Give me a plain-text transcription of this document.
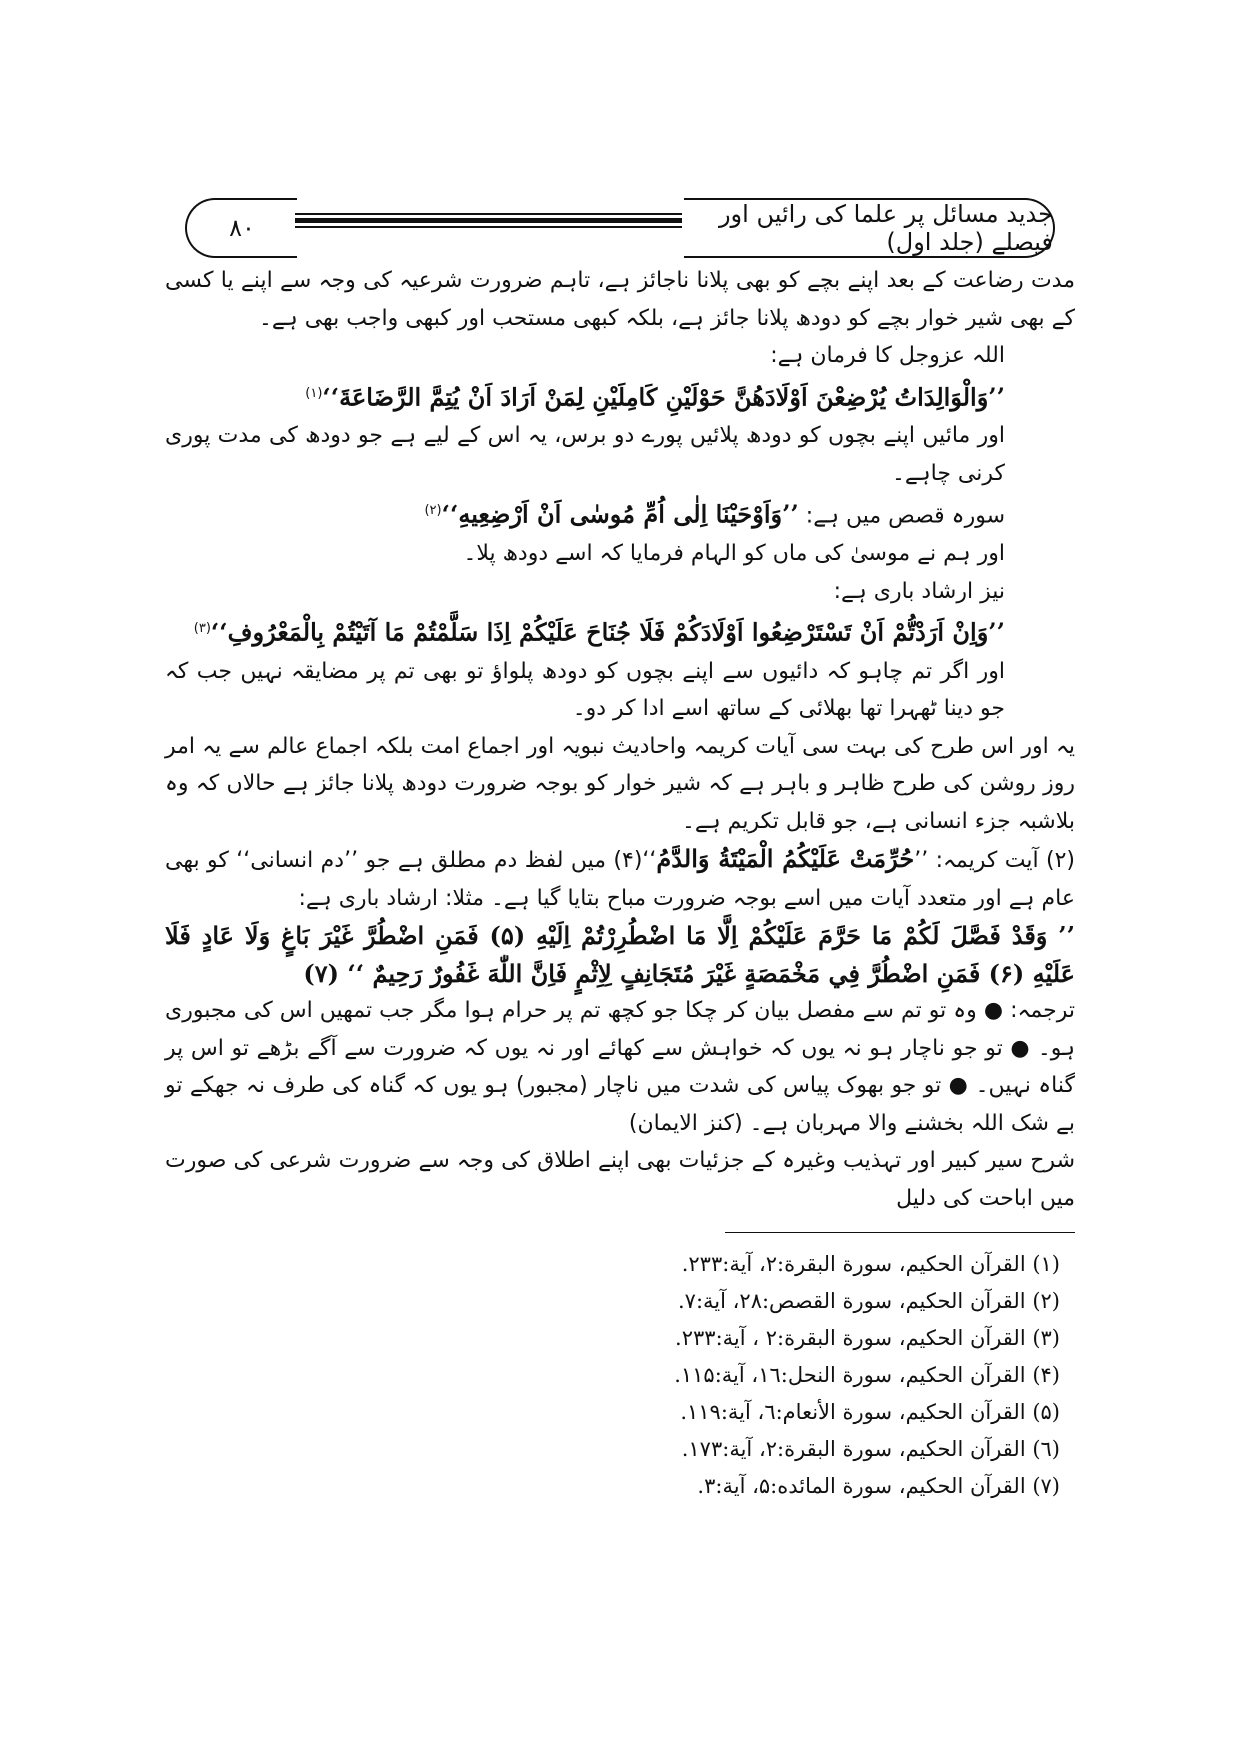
۸۰	جدید مسائل پر علما کی رائیں اور فیصلے (جلد اول)

مدت رضاعت کے بعد اپنے بچے کو بھی پلانا ناجائز ہے، تاہم ضرورت شرعیہ کی وجہ سے اپنے یا کسی کے بھی شیر خوار بچے کو دودھ پلانا جائز ہے، بلکہ کبھی مستحب اور کبھی واجب بھی ہے۔

اللہ عزوجل کا فرمان ہے:

’’وَالْوَالِدَاتُ يُرْضِعْنَ اَوْلَادَهُنَّ حَوْلَيْنِ كَامِلَيْنِ لِمَنْ اَرَادَ اَنْ يُتِمَّ الرَّضَاعَةَ‘‘$^{(۱)}$

اور مائیں اپنے بچوں کو دودھ پلائیں پورے دو برس، یہ اس کے لیے ہے جو دودھ کی مدت پوری کرنی چاہے۔

سورہ قصص میں ہے: ’’وَاَوْحَيْنَا اِلٰى اُمِّ مُوسٰى اَنْ اَرْضِعِيهِ‘‘$^{(۲)}$

اور ہم نے موسیٰ کی ماں کو الہام فرمایا کہ اسے دودھ پلا۔

نیز ارشاد باری ہے:

’’وَاِنْ اَرَدْتُّمْ اَنْ تَسْتَرْضِعُوا اَوْلَادَكُمْ فَلَا جُنَاحَ عَلَيْكُمْ اِذَا سَلَّمْتُمْ مَا آتَيْتُمْ بِالْمَعْرُوفِ‘‘$^{(۳)}$

اور اگر تم چاہو کہ دائیوں سے اپنے بچوں کو دودھ پلواؤ تو بھی تم پر مضایقہ نہیں جب کہ جو دینا ٹھہرا تھا بھلائی کے ساتھ اسے ادا کر دو۔

یہ اور اس طرح کی بہت سی آیات کریمہ واحادیث نبویہ اور اجماع امت بلکہ اجماع عالم سے یہ امر روز روشن کی طرح ظاہر و باہر ہے کہ شیر خوار کو بوجہ ضرورت دودھ پلانا جائز ہے حالاں کہ وہ بلاشبہ جزء انسانی ہے، جو قابل تکریم ہے۔

(۲) آیت کریمہ: ’’حُرِّمَتْ عَلَيْكُمُ الْمَيْتَةُ وَالدَّمُ‘‘(۴) میں لفظ دم مطلق ہے جو ’’دم انسانی‘‘ کو بھی عام ہے اور متعدد آیات میں اسے بوجہ ضرورت مباح بتایا گیا ہے۔ مثلا: ارشاد باری ہے:

’’ وَقَدْ فَصَّلَ لَكُمْ مَا حَرَّمَ عَلَيْكُمْ اِلَّا مَا اضْطُرِرْتُمْ اِلَيْهِ (۵) فَمَنِ اضْطُرَّ غَيْرَ بَاغٍ وَلَا عَادٍ فَلَا عَلَيْهِ (۶) فَمَنِ اضْطُرَّ فِي مَخْمَصَةٍ غَيْرَ مُتَجَانِفٍ لِاِثْمٍ فَاِنَّ اللّٰهَ غَفُورٌ رَحِيمٌ ‘‘ (۷)

ترجمہ: ● وہ تو تم سے مفصل بیان کر چکا جو کچھ تم پر حرام ہوا مگر جب تمھیں اس کی مجبوری ہو۔ ● تو جو ناچار ہو نہ یوں کہ خواہش سے کھائے اور نہ یوں کہ ضرورت سے آگے بڑھے تو اس پر گناہ نہیں۔ ● تو جو بھوک پیاس کی شدت میں ناچار (مجبور) ہو یوں کہ گناہ کی طرف نہ جھکے تو بے شک اللہ بخشنے والا مہربان ہے۔ (کنز الایمان)

شرح سیر کبیر اور تہذیب وغیرہ کے جزئیات بھی اپنے اطلاق کی وجہ سے ضرورت شرعی کی صورت میں اباحت کی دلیل

(۱) القرآن الحكيم، سورة البقرة:۲، آية:۲۳۳.
(۲) القرآن الحكيم، سورة القصص:۲۸، آية:۷.
(۳) القرآن الحكيم، سورة البقرة:۲ ، آية:۲۳۳.
(۴) القرآن الحكيم، سورة النحل:۱٦، آية:۱۱۵.
(۵) القرآن الحكيم، سورة الأنعام:٦، آية:۱۱۹.
(٦) القرآن الحكيم، سورة البقرة:۲، آية:۱۷۳.
(۷) القرآن الحكيم، سورة المائده:۵، آية:۳.
